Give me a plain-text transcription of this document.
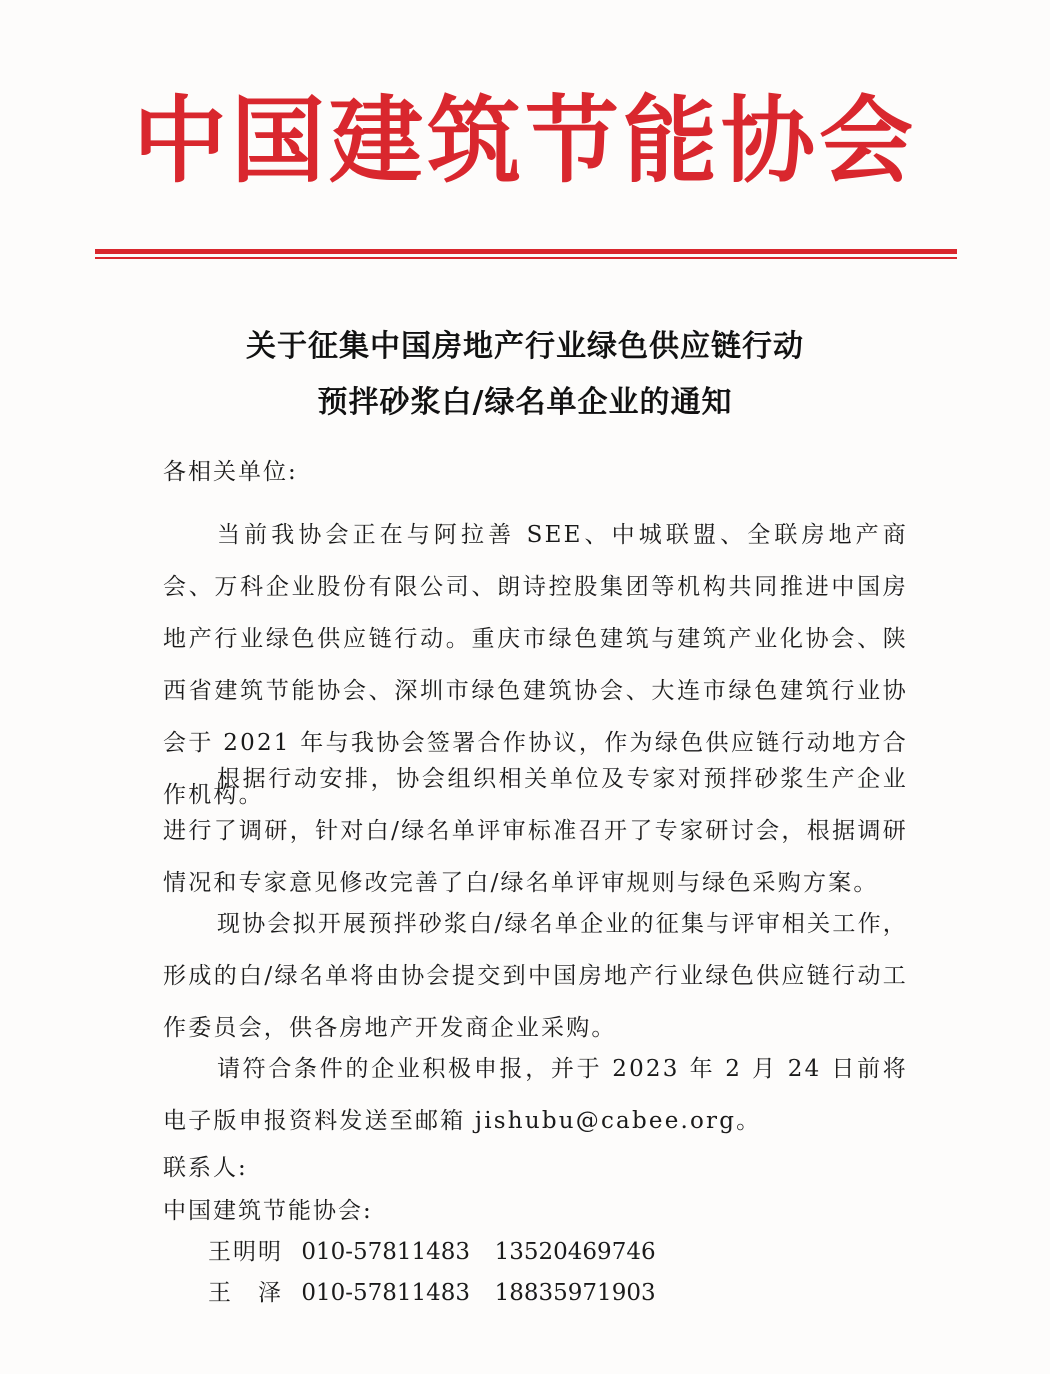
中国建筑节能协会
关于征集中国房地产行业绿色供应链行动
预拌砂浆白/绿名单企业的通知
各相关单位:
当前我协会正在与阿拉善 SEE、中城联盟、全联房地产商会、万科企业股份有限公司、朗诗控股集团等机构共同推进中国房地产行业绿色供应链行动。重庆市绿色建筑与建筑产业化协会、陕西省建筑节能协会、深圳市绿色建筑协会、大连市绿色建筑行业协会于 2021 年与我协会签署合作协议，作为绿色供应链行动地方合作机构。
根据行动安排，协会组织相关单位及专家对预拌砂浆生产企业进行了调研，针对白/绿名单评审标准召开了专家研讨会，根据调研情况和专家意见修改完善了白/绿名单评审规则与绿色采购方案。
现协会拟开展预拌砂浆白/绿名单企业的征集与评审相关工作，形成的白/绿名单将由协会提交到中国房地产行业绿色供应链行动工作委员会，供各房地产开发商企业采购。
请符合条件的企业积极申报，并于 2023 年 2 月 24 日前将电子版申报资料发送至邮箱 jishubu@cabee.org。
联系人:
中国建筑节能协会:
王明明 010-57811483 13520469746
王　泽 010-57811483 18835971903
